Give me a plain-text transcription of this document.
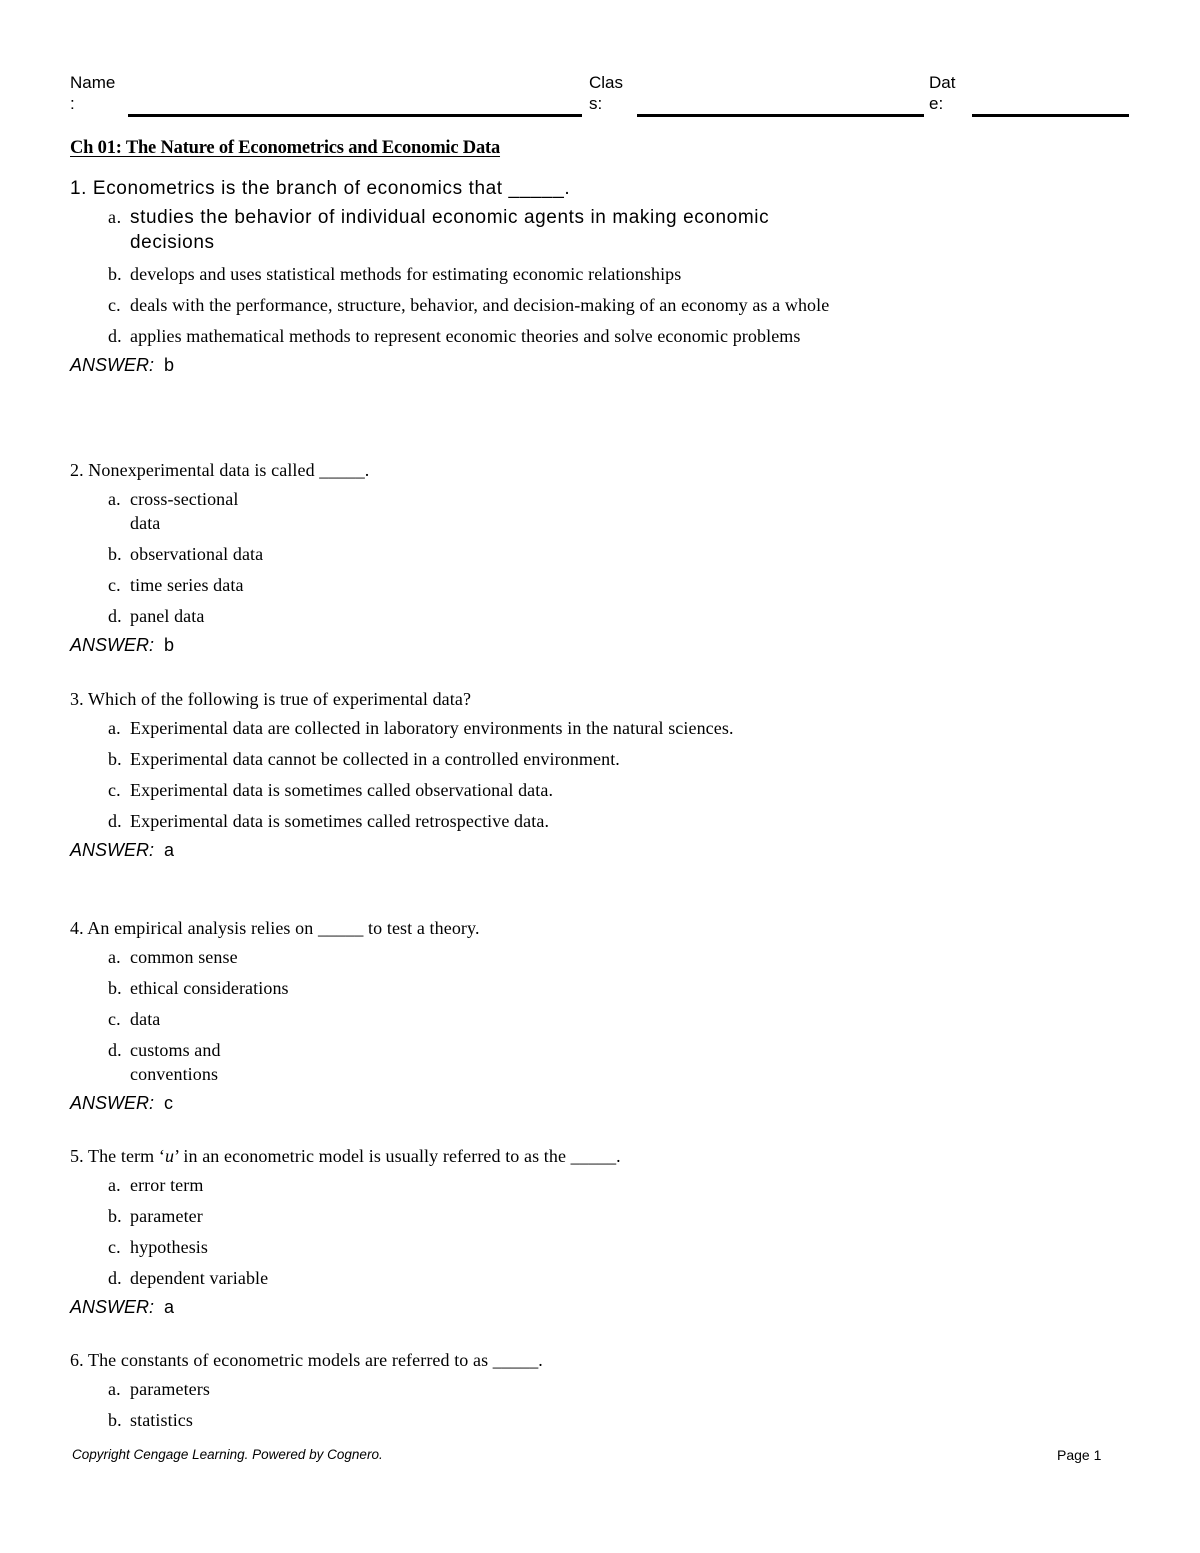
Name
:
Clas
s:
Dat
e:
Ch 01: The Nature of Econometrics and Economic Data
1. Econometrics is the branch of economics that _____.
a. studies the behavior of individual economic agents in making economic decisions
b. develops and uses statistical methods for estimating economic relationships
c. deals with the performance, structure, behavior, and decision-making of an economy as a whole
d. applies mathematical methods to represent economic theories and solve economic problems
ANSWER: b
2. Nonexperimental data is called _____.
a. cross-sectional data
b. observational data
c. time series data
d. panel data
ANSWER: b
3. Which of the following is true of experimental data?
a. Experimental data are collected in laboratory environments in the natural sciences.
b. Experimental data cannot be collected in a controlled environment.
c. Experimental data is sometimes called observational data.
d. Experimental data is sometimes called retrospective data.
ANSWER: a
4. An empirical analysis relies on _____ to test a theory.
a. common sense
b. ethical considerations
c. data
d. customs and conventions
ANSWER: c
5. The term ‘u’ in an econometric model is usually referred to as the _____.
a. error term
b. parameter
c. hypothesis
d. dependent variable
ANSWER: a
6. The constants of econometric models are referred to as _____.
a. parameters
b. statistics
Copyright Cengage Learning. Powered by Cognero.	Page 1
